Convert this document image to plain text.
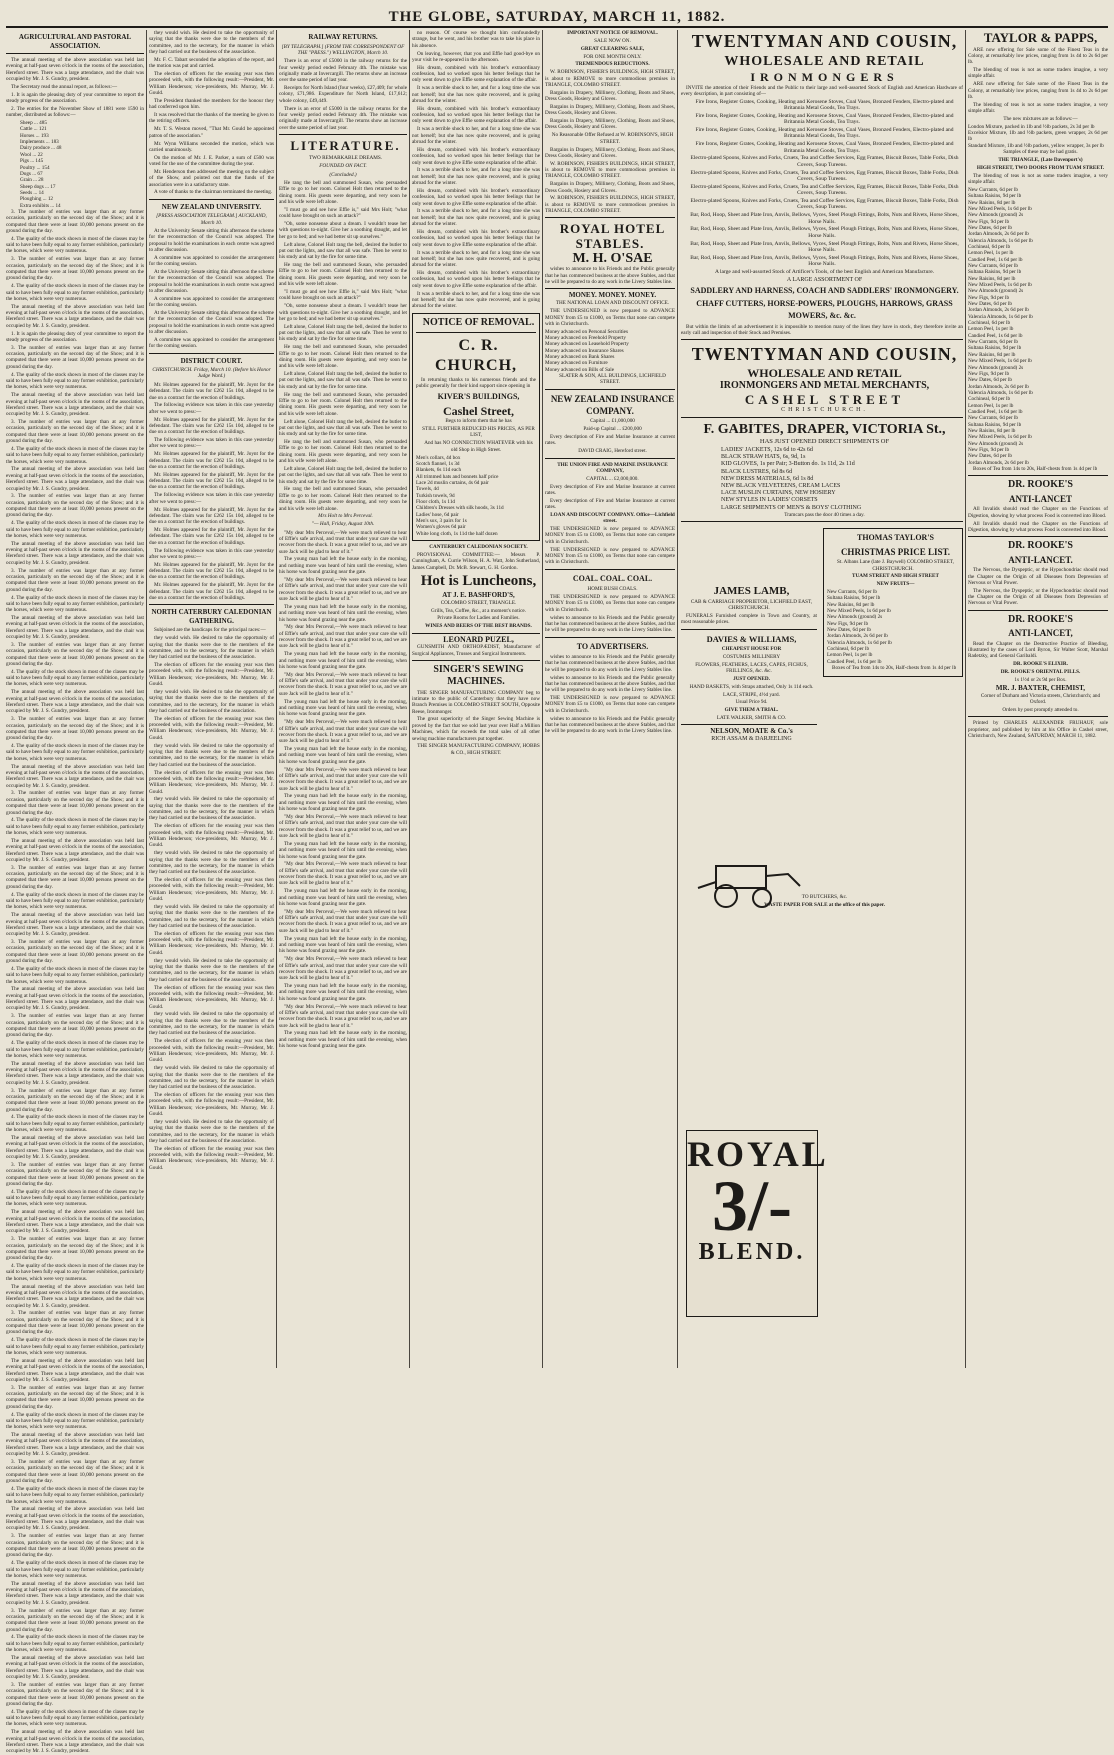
THE GLOBE, SATURDAY, MARCH 11, 1882.

AGRICULTURAL AND PASTORAL ASSOCIATION.

The annual meeting of the above association was held last evening at half-past seven o'clock in the rooms of the association, Hereford street. There was a large attendance, and the chair was occupied by Mr. J. S. Gundry, president.

The Secretary read the annual report, as follows:—

1. It is again the pleasing duty of your committee to report the steady progress of the association.

2. The entries for the November Show of 1881 were 1590 in number, distributed as follows:—

Sheep ... 485
Cattle ... 121
Horses ... 193
Implements ... 183
Dairy produce ... 48
Wool ... 22
Pigs ... 145
Poultry ... 154
Dogs ... 67
Grain ... 28
Sheep dogs ... 17
Seeds ... 14
Ploughing ... 12
Extra exhibits ... 14

3. The number of entries was larger than at any former occasion, particularly on the second day of the Show; and it is computed that there were at least 10,000 persons present on the ground during the day.

4. The quality of the stock shown in most of the classes may be said to have been fully equal to any former exhibition, particularly the horses, which were very numerous.

3. The number of entries was larger than at any former occasion, particularly on the second day of the Show; and it is computed that there were at least 10,000 persons present on the ground during the day.

4. The quality of the stock shown in most of the classes may be said to have been fully equal to any former exhibition, particularly the horses, which were very numerous.

The annual meeting of the above association was held last evening at half-past seven o'clock in the rooms of the association, Hereford street. There was a large attendance, and the chair was occupied by Mr. J. S. Gundry, president.

1. It is again the pleasing duty of your committee to report the steady progress of the association.

3. The number of entries was larger than at any former occasion, particularly on the second day of the Show; and it is computed that there were at least 10,000 persons present on the ground during the day.

4. The quality of the stock shown in most of the classes may be said to have been fully equal to any former exhibition, particularly the horses, which were very numerous.

The annual meeting of the above association was held last evening at half-past seven o'clock in the rooms of the association, Hereford street. There was a large attendance, and the chair was occupied by Mr. J. S. Gundry, president.

3. The number of entries was larger than at any former occasion, particularly on the second day of the Show; and it is computed that there were at least 10,000 persons present on the ground during the day.

4. The quality of the stock shown in most of the classes may be said to have been fully equal to any former exhibition, particularly the horses, which were very numerous.

The annual meeting of the above association was held last evening at half-past seven o'clock in the rooms of the association, Hereford street. There was a large attendance, and the chair was occupied by Mr. J. S. Gundry, president.

3. The number of entries was larger than at any former occasion, particularly on the second day of the Show; and it is computed that there were at least 10,000 persons present on the ground during the day.

4. The quality of the stock shown in most of the classes may be said to have been fully equal to any former exhibition, particularly the horses, which were very numerous.

The annual meeting of the above association was held last evening at half-past seven o'clock in the rooms of the association, Hereford street. There was a large attendance, and the chair was occupied by Mr. J. S. Gundry, president.

3. The number of entries was larger than at any former occasion, particularly on the second day of the Show; and it is computed that there were at least 10,000 persons present on the ground during the day.

4. The quality of the stock shown in most of the classes may be said to have been fully equal to any former exhibition, particularly the horses, which were very numerous.

The annual meeting of the above association was held last evening at half-past seven o'clock in the rooms of the association, Hereford street. There was a large attendance, and the chair was occupied by Mr. J. S. Gundry, president.

3. The number of entries was larger than at any former occasion, particularly on the second day of the Show; and it is computed that there were at least 10,000 persons present on the ground during the day.

4. The quality of the stock shown in most of the classes may be said to have been fully equal to any former exhibition, particularly the horses, which were very numerous.

The annual meeting of the above association was held last evening at half-past seven o'clock in the rooms of the association, Hereford street. There was a large attendance, and the chair was occupied by Mr. J. S. Gundry, president.

3. The number of entries was larger than at any former occasion, particularly on the second day of the Show; and it is computed that there were at least 10,000 persons present on the ground during the day.

4. The quality of the stock shown in most of the classes may be said to have been fully equal to any former exhibition, particularly the horses, which were very numerous.

The annual meeting of the above association was held last evening at half-past seven o'clock in the rooms of the association, Hereford street. There was a large attendance, and the chair was occupied by Mr. J. S. Gundry, president.

3. The number of entries was larger than at any former occasion, particularly on the second day of the Show; and it is computed that there were at least 10,000 persons present on the ground during the day.

4. The quality of the stock shown in most of the classes may be said to have been fully equal to any former exhibition, particularly the horses, which were very numerous.

The annual meeting of the above association was held last evening at half-past seven o'clock in the rooms of the association, Hereford street. There was a large attendance, and the chair was occupied by Mr. J. S. Gundry, president.

3. The number of entries was larger than at any former occasion, particularly on the second day of the Show; and it is computed that there were at least 10,000 persons present on the ground during the day.

4. The quality of the stock shown in most of the classes may be said to have been fully equal to any former exhibition, particularly the horses, which were very numerous.

The annual meeting of the above association was held last evening at half-past seven o'clock in the rooms of the association, Hereford street. There was a large attendance, and the chair was occupied by Mr. J. S. Gundry, president.

3. The number of entries was larger than at any former occasion, particularly on the second day of the Show; and it is computed that there were at least 10,000 persons present on the ground during the day.

4. The quality of the stock shown in most of the classes may be said to have been fully equal to any former exhibition, particularly the horses, which were very numerous.

The annual meeting of the above association was held last evening at half-past seven o'clock in the rooms of the association, Hereford street. There was a large attendance, and the chair was occupied by Mr. J. S. Gundry, president.

3. The number of entries was larger than at any former occasion, particularly on the second day of the Show; and it is computed that there were at least 10,000 persons present on the ground during the day.

4. The quality of the stock shown in most of the classes may be said to have been fully equal to any former exhibition, particularly the horses, which were very numerous.

The annual meeting of the above association was held last evening at half-past seven o'clock in the rooms of the association, Hereford street. There was a large attendance, and the chair was occupied by Mr. J. S. Gundry, president.

3. The number of entries was larger than at any former occasion, particularly on the second day of the Show; and it is computed that there were at least 10,000 persons present on the ground during the day.

4. The quality of the stock shown in most of the classes may be said to have been fully equal to any former exhibition, particularly the horses, which were very numerous.

The annual meeting of the above association was held last evening at half-past seven o'clock in the rooms of the association, Hereford street. There was a large attendance, and the chair was occupied by Mr. J. S. Gundry, president.

3. The number of entries was larger than at any former occasion, particularly on the second day of the Show; and it is computed that there were at least 10,000 persons present on the ground during the day.

4. The quality of the stock shown in most of the classes may be said to have been fully equal to any former exhibition, particularly the horses, which were very numerous.

The annual meeting of the above association was held last evening at half-past seven o'clock in the rooms of the association, Hereford street. There was a large attendance, and the chair was occupied by Mr. J. S. Gundry, president.

3. The number of entries was larger than at any former occasion, particularly on the second day of the Show; and it is computed that there were at least 10,000 persons present on the ground during the day.

4. The quality of the stock shown in most of the classes may be said to have been fully equal to any former exhibition, particularly the horses, which were very numerous.

The annual meeting of the above association was held last evening at half-past seven o'clock in the rooms of the association, Hereford street. There was a large attendance, and the chair was occupied by Mr. J. S. Gundry, president.

3. The number of entries was larger than at any former occasion, particularly on the second day of the Show; and it is computed that there were at least 10,000 persons present on the ground during the day.

4. The quality of the stock shown in most of the classes may be said to have been fully equal to any former exhibition, particularly the horses, which were very numerous.

The annual meeting of the above association was held last evening at half-past seven o'clock in the rooms of the association, Hereford street. There was a large attendance, and the chair was occupied by Mr. J. S. Gundry, president.

3. The number of entries was larger than at any former occasion, particularly on the second day of the Show; and it is computed that there were at least 10,000 persons present on the ground during the day.

4. The quality of the stock shown in most of the classes may be said to have been fully equal to any former exhibition, particularly the horses, which were very numerous.

The annual meeting of the above association was held last evening at half-past seven o'clock in the rooms of the association, Hereford street. There was a large attendance, and the chair was occupied by Mr. J. S. Gundry, president.

3. The number of entries was larger than at any former occasion, particularly on the second day of the Show; and it is computed that there were at least 10,000 persons present on the ground during the day.

4. The quality of the stock shown in most of the classes may be said to have been fully equal to any former exhibition, particularly the horses, which were very numerous.

The annual meeting of the above association was held last evening at half-past seven o'clock in the rooms of the association, Hereford street. There was a large attendance, and the chair was occupied by Mr. J. S. Gundry, president.

3. The number of entries was larger than at any former occasion, particularly on the second day of the Show; and it is computed that there were at least 10,000 persons present on the ground during the day.

4. The quality of the stock shown in most of the classes may be said to have been fully equal to any former exhibition, particularly the horses, which were very numerous.

The annual meeting of the above association was held last evening at half-past seven o'clock in the rooms of the association, Hereford street. There was a large attendance, and the chair was occupied by Mr. J. S. Gundry, president.

3. The number of entries was larger than at any former occasion, particularly on the second day of the Show; and it is computed that there were at least 10,000 persons present on the ground during the day.

4. The quality of the stock shown in most of the classes may be said to have been fully equal to any former exhibition, particularly the horses, which were very numerous.

The annual meeting of the above association was held last evening at half-past seven o'clock in the rooms of the association, Hereford street. There was a large attendance, and the chair was occupied by Mr. J. S. Gundry, president.

3. The number of entries was larger than at any former occasion, particularly on the second day of the Show; and it is computed that there were at least 10,000 persons present on the ground during the day.

4. The quality of the stock shown in most of the classes may be said to have been fully equal to any former exhibition, particularly the horses, which were very numerous.

The annual meeting of the above association was held last evening at half-past seven o'clock in the rooms of the association, Hereford street. There was a large attendance, and the chair was occupied by Mr. J. S. Gundry, president.

they would wish. He desired to take the opportunity of saying that the thanks were due to the members of the committee, and to the secretary, for the manner in which they had carried out the business of the association.

Mr. F. C. Tabart seconded the adoption of the report, and the motion was put and carried.

The election of officers for the ensuing year was then proceeded with, with the following result:—President, Mr. William Henderson; vice-presidents, Mr. Murray, Mr. J. Gould.

The President thanked the members for the honour they had conferred upon him.

It was resolved that the thanks of the meeting be given to the retiring officers.

Mr. T. S. Weston moved, "That Mr. Gould be appointed patron of the association."

Mr. Wynn Williams seconded the motion, which was carried unanimously.

On the motion of Mr. J. E. Parker, a sum of £500 was voted for the use of the committee during the year.

Mr. Henderson then addressed the meeting on the subject of the Show, and pointed out that the funds of the association were in a satisfactory state.

A vote of thanks to the chairman terminated the meeting.

NEW ZEALAND UNIVERSITY.

[PRESS ASSOCIATION TELEGRAM.] AUCKLAND, March 10.

At the University Senate sitting this afternoon the scheme for the reconstruction of the Council was adopted. The proposal to hold the examinations in each centre was agreed to after discussion.

A committee was appointed to consider the arrangement for the coming session.

At the University Senate sitting this afternoon the scheme for the reconstruction of the Council was adopted. The proposal to hold the examinations in each centre was agreed to after discussion.

A committee was appointed to consider the arrangement for the coming session.

At the University Senate sitting this afternoon the scheme for the reconstruction of the Council was adopted. The proposal to hold the examinations in each centre was agreed to after discussion.

A committee was appointed to consider the arrangement for the coming session.

DISTRICT COURT.

CHRISTCHURCH. Friday, March 10. (Before his Honor Judge Ward.)

Mr. Holmes appeared for the plaintiff, Mr. Joynt for the defendant. The claim was for £262 15s 10d, alleged to be due on a contract for the erection of buildings.

The following evidence was taken in this case yesterday after we went to press:—

Mr. Holmes appeared for the plaintiff, Mr. Joynt for the defendant. The claim was for £262 15s 10d, alleged to be due on a contract for the erection of buildings.

The following evidence was taken in this case yesterday after we went to press:—

Mr. Holmes appeared for the plaintiff, Mr. Joynt for the defendant. The claim was for £262 15s 10d, alleged to be due on a contract for the erection of buildings.

Mr. Holmes appeared for the plaintiff, Mr. Joynt for the defendant. The claim was for £262 15s 10d, alleged to be due on a contract for the erection of buildings.

The following evidence was taken in this case yesterday after we went to press:—

Mr. Holmes appeared for the plaintiff, Mr. Joynt for the defendant. The claim was for £262 15s 10d, alleged to be due on a contract for the erection of buildings.

Mr. Holmes appeared for the plaintiff, Mr. Joynt for the defendant. The claim was for £262 15s 10d, alleged to be due on a contract for the erection of buildings.

The following evidence was taken in this case yesterday after we went to press:—

Mr. Holmes appeared for the plaintiff, Mr. Joynt for the defendant. The claim was for £262 15s 10d, alleged to be due on a contract for the erection of buildings.

Mr. Holmes appeared for the plaintiff, Mr. Joynt for the defendant. The claim was for £262 15s 10d, alleged to be due on a contract for the erection of buildings.

NORTH CATERBURY CALEDONIAN GATHERING.

Subjoined are the handicaps for the principal races:—

they would wish. He desired to take the opportunity of saying that the thanks were due to the members of the committee, and to the secretary, for the manner in which they had carried out the business of the association.

The election of officers for the ensuing year was then proceeded with, with the following result:—President, Mr. William Henderson; vice-presidents, Mr. Murray, Mr. J. Gould.

they would wish. He desired to take the opportunity of saying that the thanks were due to the members of the committee, and to the secretary, for the manner in which they had carried out the business of the association.

The election of officers for the ensuing year was then proceeded with, with the following result:—President, Mr. William Henderson; vice-presidents, Mr. Murray, Mr. J. Gould.

they would wish. He desired to take the opportunity of saying that the thanks were due to the members of the committee, and to the secretary, for the manner in which they had carried out the business of the association.

The election of officers for the ensuing year was then proceeded with, with the following result:—President, Mr. William Henderson; vice-presidents, Mr. Murray, Mr. J. Gould.

they would wish. He desired to take the opportunity of saying that the thanks were due to the members of the committee, and to the secretary, for the manner in which they had carried out the business of the association.

The election of officers for the ensuing year was then proceeded with, with the following result:—President, Mr. William Henderson; vice-presidents, Mr. Murray, Mr. J. Gould.

they would wish. He desired to take the opportunity of saying that the thanks were due to the members of the committee, and to the secretary, for the manner in which they had carried out the business of the association.

The election of officers for the ensuing year was then proceeded with, with the following result:—President, Mr. William Henderson; vice-presidents, Mr. Murray, Mr. J. Gould.

they would wish. He desired to take the opportunity of saying that the thanks were due to the members of the committee, and to the secretary, for the manner in which they had carried out the business of the association.

The election of officers for the ensuing year was then proceeded with, with the following result:—President, Mr. William Henderson; vice-presidents, Mr. Murray, Mr. J. Gould.

they would wish. He desired to take the opportunity of saying that the thanks were due to the members of the committee, and to the secretary, for the manner in which they had carried out the business of the association.

The election of officers for the ensuing year was then proceeded with, with the following result:—President, Mr. William Henderson; vice-presidents, Mr. Murray, Mr. J. Gould.

they would wish. He desired to take the opportunity of saying that the thanks were due to the members of the committee, and to the secretary, for the manner in which they had carried out the business of the association.

The election of officers for the ensuing year was then proceeded with, with the following result:—President, Mr. William Henderson; vice-presidents, Mr. Murray, Mr. J. Gould.

they would wish. He desired to take the opportunity of saying that the thanks were due to the members of the committee, and to the secretary, for the manner in which they had carried out the business of the association.

The election of officers for the ensuing year was then proceeded with, with the following result:—President, Mr. William Henderson; vice-presidents, Mr. Murray, Mr. J. Gould.

they would wish. He desired to take the opportunity of saying that the thanks were due to the members of the committee, and to the secretary, for the manner in which they had carried out the business of the association.

The election of officers for the ensuing year was then proceeded with, with the following result:—President, Mr. William Henderson; vice-presidents, Mr. Murray, Mr. J. Gould.

RAILWAY RETURNS.

[BY TELEGRAPH.] (FROM THE CORRESPONDENT OF THE "PRESS.") WELLINGTON, March 10.

There is an error of £5000 in the railway returns for the four weekly period ended February 4th. The mistake was originally made at Invercargill. The returns show an increase over the same period of last year.

Receipts for North Island (four weeks), £27,409; for whole colony, £71,986. Expenditure for North Island, £17,612; whole colony, £49,449.

There is an error of £5000 in the railway returns for the four weekly period ended February 4th. The mistake was originally made at Invercargill. The returns show an increase over the same period of last year.

LITERATURE.

TWO REMARKABLE DREAMS.

FOUNDED ON FACT.

(Concluded.)

He rang the bell and summoned Susan, who persuaded Effie to go to her room. Colonel Holt then returned to the dining room. His guests were departing, and very soon he and his wife were left alone.

"I must go and see how Effie is," said Mrs Holt; "what could have brought on such an attack?"

"Oh, some nonsense about a dream. I wouldn't tease her with questions to-night. Give her a soothing draught, and let her go to bed; and we had better sit up ourselves."

Left alone, Colonel Holt rang the bell, desired the butler to put out the lights, and saw that all was safe. Then he went to his study and sat by the fire for some time.

He rang the bell and summoned Susan, who persuaded Effie to go to her room. Colonel Holt then returned to the dining room. His guests were departing, and very soon he and his wife were left alone.

"I must go and see how Effie is," said Mrs Holt; "what could have brought on such an attack?"

"Oh, some nonsense about a dream. I wouldn't tease her with questions to-night. Give her a soothing draught, and let her go to bed; and we had better sit up ourselves."

Left alone, Colonel Holt rang the bell, desired the butler to put out the lights, and saw that all was safe. Then he went to his study and sat by the fire for some time.

He rang the bell and summoned Susan, who persuaded Effie to go to her room. Colonel Holt then returned to the dining room. His guests were departing, and very soon he and his wife were left alone.

Left alone, Colonel Holt rang the bell, desired the butler to put out the lights, and saw that all was safe. Then he went to his study and sat by the fire for some time.

He rang the bell and summoned Susan, who persuaded Effie to go to her room. Colonel Holt then returned to the dining room. His guests were departing, and very soon he and his wife were left alone.

Left alone, Colonel Holt rang the bell, desired the butler to put out the lights, and saw that all was safe. Then he went to his study and sat by the fire for some time.

He rang the bell and summoned Susan, who persuaded Effie to go to her room. Colonel Holt then returned to the dining room. His guests were departing, and very soon he and his wife were left alone.

Left alone, Colonel Holt rang the bell, desired the butler to put out the lights, and saw that all was safe. Then he went to his study and sat by the fire for some time.

He rang the bell and summoned Susan, who persuaded Effie to go to her room. Colonel Holt then returned to the dining room. His guests were departing, and very soon he and his wife were left alone.

Mrs Holt to Mrs Perceval.

"— Hall, Friday, August 10th.

"My dear Mrs Perceval,—We were much relieved to hear of Effie's safe arrival, and trust that under your care she will recover from the shock. It was a great relief to us, and we are sure Jack will be glad to hear of it."

The young man had left the house early in the morning, and nothing more was heard of him until the evening, when his horse was found grazing near the gate.

"My dear Mrs Perceval,—We were much relieved to hear of Effie's safe arrival, and trust that under your care she will recover from the shock. It was a great relief to us, and we are sure Jack will be glad to hear of it."

The young man had left the house early in the morning, and nothing more was heard of him until the evening, when his horse was found grazing near the gate.

"My dear Mrs Perceval,—We were much relieved to hear of Effie's safe arrival, and trust that under your care she will recover from the shock. It was a great relief to us, and we are sure Jack will be glad to hear of it."

The young man had left the house early in the morning, and nothing more was heard of him until the evening, when his horse was found grazing near the gate.

"My dear Mrs Perceval,—We were much relieved to hear of Effie's safe arrival, and trust that under your care she will recover from the shock. It was a great relief to us, and we are sure Jack will be glad to hear of it."

The young man had left the house early in the morning, and nothing more was heard of him until the evening, when his horse was found grazing near the gate.

"My dear Mrs Perceval,—We were much relieved to hear of Effie's safe arrival, and trust that under your care she will recover from the shock. It was a great relief to us, and we are sure Jack will be glad to hear of it."

The young man had left the house early in the morning, and nothing more was heard of him until the evening, when his horse was found grazing near the gate.

"My dear Mrs Perceval,—We were much relieved to hear of Effie's safe arrival, and trust that under your care she will recover from the shock. It was a great relief to us, and we are sure Jack will be glad to hear of it."

The young man had left the house early in the morning, and nothing more was heard of him until the evening, when his horse was found grazing near the gate.

"My dear Mrs Perceval,—We were much relieved to hear of Effie's safe arrival, and trust that under your care she will recover from the shock. It was a great relief to us, and we are sure Jack will be glad to hear of it."

The young man had left the house early in the morning, and nothing more was heard of him until the evening, when his horse was found grazing near the gate.

"My dear Mrs Perceval,—We were much relieved to hear of Effie's safe arrival, and trust that under your care she will recover from the shock. It was a great relief to us, and we are sure Jack will be glad to hear of it."

The young man had left the house early in the morning, and nothing more was heard of him until the evening, when his horse was found grazing near the gate.

"My dear Mrs Perceval,—We were much relieved to hear of Effie's safe arrival, and trust that under your care she will recover from the shock. It was a great relief to us, and we are sure Jack will be glad to hear of it."

The young man had left the house early in the morning, and nothing more was heard of him until the evening, when his horse was found grazing near the gate.

"My dear Mrs Perceval,—We were much relieved to hear of Effie's safe arrival, and trust that under your care she will recover from the shock. It was a great relief to us, and we are sure Jack will be glad to hear of it."

The young man had left the house early in the morning, and nothing more was heard of him until the evening, when his horse was found grazing near the gate.

"My dear Mrs Perceval,—We were much relieved to hear of Effie's safe arrival, and trust that under your care she will recover from the shock. It was a great relief to us, and we are sure Jack will be glad to hear of it."

The young man had left the house early in the morning, and nothing more was heard of him until the evening, when his horse was found grazing near the gate.

no reason. Of course we thought him confoundedly strange, but he went, and his brother was to take his place in his absence.

On leaving, however, that you and Effie had good-bye on your visit he re-appeared in the afternoon.

His dream, combined with his brother's extraordinary confession, had so worked upon his better feelings that he only went down to give Effie some explanation of the affair.

It was a terrible shock to her, and for a long time she was not herself; but she has now quite recovered, and is going abroad for the winter.

His dream, combined with his brother's extraordinary confession, had so worked upon his better feelings that he only went down to give Effie some explanation of the affair.

It was a terrible shock to her, and for a long time she was not herself; but she has now quite recovered, and is going abroad for the winter.

His dream, combined with his brother's extraordinary confession, had so worked upon his better feelings that he only went down to give Effie some explanation of the affair.

It was a terrible shock to her, and for a long time she was not herself; but she has now quite recovered, and is going abroad for the winter.

His dream, combined with his brother's extraordinary confession, had so worked upon his better feelings that he only went down to give Effie some explanation of the affair.

It was a terrible shock to her, and for a long time she was not herself; but she has now quite recovered, and is going abroad for the winter.

His dream, combined with his brother's extraordinary confession, had so worked upon his better feelings that he only went down to give Effie some explanation of the affair.

It was a terrible shock to her, and for a long time she was not herself; but she has now quite recovered, and is going abroad for the winter.

His dream, combined with his brother's extraordinary confession, had so worked upon his better feelings that he only went down to give Effie some explanation of the affair.

It was a terrible shock to her, and for a long time she was not herself; but she has now quite recovered, and is going abroad for the winter.

NOTICE OF REMOVAL.

C. R. CHURCH,

In returning thanks to his numerous friends and the public generally for their kind support since opening in

KIVER'S BUILDINGS,

Cashel Street,

Begs to inform them that he has

STILL FURTHER REDUCED HIS PRICES, AS PER LIST,

And has NO CONNECTION WHATEVER with his old Shop in High Street.

Men's collars, 4d box
Scotch flannel, 1s 3d
Blankets, 6s 11d each
All trimmed hats and bonnets half price
Lace 2d muslin curtains, 4s 6d pair
Towels, 4d
Turkish towels, 9d
Floor cloth, 1s 11d
Children's Dresses with silk hoods, 3s 11d
Ladies' hose, 6d pair
Men's sox, 3 pairs for 1s
Women's gloves 6d pair
White long cloth, 1s 11d the half dozen

CANTERBURY CALEDONIAN SOCIETY.

PROVISIONAL COMMITTEE:— Messrs P. Cunningham, A. Currie Wilson, H. A. Watt, John Sutherland, James Campbell, Dr. McB. Stewart, G. H. Gordon.

Hot is Luncheons,

AT J. E. BASHFORD'S,

COLOMBO STREET, TRIANGLE.

Grills, Tea, Coffee, &c., at a moment's notice.

Private Rooms for Ladies and Families.

WINES AND BEERS OF THE BEST BRANDS.

LEONARD PUZEL,

GUNSMITH AND ORTHOPÆDIST, Manufacturer of Surgical Appliances, Trusses and Surgical Instruments.

SINGER'S SEWING MACHINES.

THE SINGER MANUFACTURING COMPANY beg to intimate to the public of Canterbury that they have now Branch Premises in COLOMBO STREET SOUTH, Opposite Reese, Ironmonger.

The great superiority of the Singer Sewing Machine is proved by the fact that we sold last year over Half a Million Machines, which far exceeds the total sales of all other sewing machine manufacturers put together.

THE SINGER MANUFACTURING COMPANY, HOBBS & CO., HIGH STREET.

IMPORTANT NOTICE OF REMOVAL.

SALE NOW ON.

GREAT CLEARING SALE,

FOR ONE MONTH ONLY.

TREMENDOUS REDUCTIONS.

W. ROBINSON, FISHER'S BUILDINGS, HIGH STREET, is about to REMOVE to more commodious premises in TRIANGLE, COLOMBO STREET.

Bargains in Drapery, Millinery, Clothing, Boots and Shoes, Dress Goods, Hosiery and Gloves.

Bargains in Drapery, Millinery, Clothing, Boots and Shoes, Dress Goods, Hosiery and Gloves.

Bargains in Drapery, Millinery, Clothing, Boots and Shoes, Dress Goods, Hosiery and Gloves.

No Reasonable Offer Refused at W. ROBINSON'S, HIGH STREET.

Bargains in Drapery, Millinery, Clothing, Boots and Shoes, Dress Goods, Hosiery and Gloves.

W. ROBINSON, FISHER'S BUILDINGS, HIGH STREET, is about to REMOVE to more commodious premises in TRIANGLE, COLOMBO STREET.

Bargains in Drapery, Millinery, Clothing, Boots and Shoes, Dress Goods, Hosiery and Gloves.

W. ROBINSON, FISHER'S BUILDINGS, HIGH STREET, is about to REMOVE to more commodious premises in TRIANGLE, COLOMBO STREET.

ROYAL HOTEL STABLES.

M. H. O'SAE

wishes to announce to his Friends and the Public generally that he has commenced business at the above Stables, and that he will be prepared to do any work in the Livery Stables line.

MONEY. MONEY. MONEY.

THE NATIONAL LOAN AND DISCOUNT OFFICE.

THE UNDERSIGNED is now prepared to ADVANCE MONEY from £5 to £1000, on Terms that none can compete with in Christchurch.

Money advanced on Personal Securities
Money advanced on Freehold Property
Money advanced on Leasehold Property
Money advanced on Insurance Shares
Money advanced on Bank Shares
Money advanced on Furniture
Money advanced on Bills of Sale

SLATER & SON, ALL BUILDINGS, LICHFIELD STREET.

NEW ZEALAND INSURANCE COMPANY.

Capital ... £1,000,000

Paid-up Capital ... £200,000

Every description of Fire and Marine Insurance at current rates.

DAVID CRAIG, Hereford street.

THE UNION FIRE AND MARINE INSURANCE COMPANY,

CAPITAL ... £2,000,000.

Every description of Fire and Marine Insurance at current rates.

Every description of Fire and Marine Insurance at current rates.

LOAN AND DISCOUNT COMPANY. Office—Lichfield street.

THE UNDERSIGNED is now prepared to ADVANCE MONEY from £5 to £1000, on Terms that none can compete with in Christchurch.

THE UNDERSIGNED is now prepared to ADVANCE MONEY from £5 to £1000, on Terms that none can compete with in Christchurch.

COAL. COAL. COAL.

HOME BUSH COALS.

THE UNDERSIGNED is now prepared to ADVANCE MONEY from £5 to £1000, on Terms that none can compete with in Christchurch.

wishes to announce to his Friends and the Public generally that he has commenced business at the above Stables, and that he will be prepared to do any work in the Livery Stables line.

TO ADVERTISERS.

wishes to announce to his Friends and the Public generally that he has commenced business at the above Stables, and that he will be prepared to do any work in the Livery Stables line.

wishes to announce to his Friends and the Public generally that he has commenced business at the above Stables, and that he will be prepared to do any work in the Livery Stables line.

THE UNDERSIGNED is now prepared to ADVANCE MONEY from £5 to £1000, on Terms that none can compete with in Christchurch.

wishes to announce to his Friends and the Public generally that he has commenced business at the above Stables, and that he will be prepared to do any work in the Livery Stables line.

TWENTYMAN AND COUSIN,

WHOLESALE AND RETAIL

IRONMONGERS

INVITE the attention of their Friends and the Public to their large and well-assorted Stock of English and American Hardware of every description, in part consisting of—

Fire Irons, Register Grates, Cooking, Heating and Kerosene Stoves, Coal Vases, Bronzed Fenders, Electro-plated and Britannia Metal Goods, Tea Trays.

Fire Irons, Register Grates, Cooking, Heating and Kerosene Stoves, Coal Vases, Bronzed Fenders, Electro-plated and Britannia Metal Goods, Tea Trays.

Fire Irons, Register Grates, Cooking, Heating and Kerosene Stoves, Coal Vases, Bronzed Fenders, Electro-plated and Britannia Metal Goods, Tea Trays.

Fire Irons, Register Grates, Cooking, Heating and Kerosene Stoves, Coal Vases, Bronzed Fenders, Electro-plated and Britannia Metal Goods, Tea Trays.

Electro-plated Spoons, Knives and Forks, Cruets, Tea and Coffee Services, Egg Frames, Biscuit Boxes, Table Forks, Dish Covers, Soup Tureens.

Electro-plated Spoons, Knives and Forks, Cruets, Tea and Coffee Services, Egg Frames, Biscuit Boxes, Table Forks, Dish Covers, Soup Tureens.

Electro-plated Spoons, Knives and Forks, Cruets, Tea and Coffee Services, Egg Frames, Biscuit Boxes, Table Forks, Dish Covers, Soup Tureens.

Electro-plated Spoons, Knives and Forks, Cruets, Tea and Coffee Services, Egg Frames, Biscuit Boxes, Table Forks, Dish Covers, Soup Tureens.

Bar, Rod, Hoop, Sheet and Plate Iron, Anvils, Bellows, Vyces, Steel Plough Fittings, Bolts, Nuts and Rivets, Horse Shoes, Horse Nails.

Bar, Rod, Hoop, Sheet and Plate Iron, Anvils, Bellows, Vyces, Steel Plough Fittings, Bolts, Nuts and Rivets, Horse Shoes, Horse Nails.

Bar, Rod, Hoop, Sheet and Plate Iron, Anvils, Bellows, Vyces, Steel Plough Fittings, Bolts, Nuts and Rivets, Horse Shoes, Horse Nails.

Bar, Rod, Hoop, Sheet and Plate Iron, Anvils, Bellows, Vyces, Steel Plough Fittings, Bolts, Nuts and Rivets, Horse Shoes, Horse Nails.

A large and well-assorted Stock of Artificer's Tools, of the best English and American Manufacture.

A LARGE ASSORTMENT OF

SADDLERY AND HARNESS, COACH AND SADDLERS' IRONMONGERY.

CHAFF CUTTERS, HORSE-POWERS, PLOUGHS, HARROWS, GRASS MOWERS, &c. &c.

But within the limits of an advertisement it is impossible to mention many of the lines they have in stock, they therefore invite an early call and inspection of their Stock and Premises.

TWENTYMAN AND COUSIN,

WHOLESALE AND RETAIL

IRONMONGERS AND METAL MERCHANTS,

CASHEL STREET

CHRISTCHURCH.

F. GABITES, DRAPER, VICTORIA St.,

HAS JUST OPENED DIRECT SHIPMENTS OF

LADIES' JACKETS, 12s 6d to 42s 6d
BLACK STRAW HATS, 6s, 9d, 1s
KID GLOVES, 1s per Pair; 3-Button do. 1s 11d, 2s 11d
BLACK LUSTRES, 6d 8s 6d
NEW DRESS MATERIALS, 6d 1s 8d
NEW BLACK VELVETEENS, CREAM LACES
LACE MUSLIN CURTAINS, NEW HOSIERY
NEW STYLES IN LADIES' CORSETS
LARGE SHIPMENTS OF MEN'S & BOYS' CLOTHING

Tramcars pass the door 40 times a day.

JAMES LAMB,

CAB & CARRIAGE PROPRIETOR, LICHFIELD EAST, CHRISTCHURCH.

FUNERALS Furnished complete in Town and Country, at most reasonable prices.

DAVIES & WILLIAMS,

CHEAPEST HOUSE FOR

COSTUMES MILLINERY

FLOWERS, FEATHERS, LACES, CAPES, FICHUS, FRILLINGS, &c. &c.

JUST OPENED.

HAND BASKETS, with Straps attached, Only 1s 11d each.

LACE, STRIPE, 4½d yard.

Usual Price 9d.

GIVE THEM A TRIAL.

LATE WALKER, SMITH & CO.

NELSON, MOATE & Co.'s

RICH ASSAM & DARJEELING

THOMAS TAYLOR'S

CHRISTMAS PRICE LIST.

St. Albans Lane (late J. Baywell) COLOMBO STREET, CHRISTCHURCH.

TUAM STREET AND HIGH STREET

NEW FRUITS—

New Currants, 6d per lb
Sultana Raisins, 9d per lb
New Raisins, 8d per lb
New Mixed Peels, 1s 6d per lb
New Almonds (ground) 2s
New Figs, 9d per lb
New Dates, 6d per lb
Jordan Almonds, 2s 6d per lb
Valencia Almonds, 1s 6d per lb
Cochineal, 6d per lb
Lemon Peel, 1s per lb
Candied Peel, 1s 6d per lb

Boxes of Tea from 14s to 20s, Half-chests from 1s 4d per lb

TO BUTCHERS, &c.

WASTE PAPER FOR SALE at the office of this paper.

ROYAL
3/-
BLEND.

TAYLOR & PAPPS,

ARE now offering for Sale some of the Finest Teas in the Colony, at remarkably low prices, ranging from 1s 4d to 2s 6d per lb.

The blending of teas is not as some traders imagine, a very simple affair.

ARE now offering for Sale some of the Finest Teas in the Colony, at remarkably low prices, ranging from 1s 4d to 2s 6d per lb.

The blending of teas is not as some traders imagine, a very simple affair.

The new mixtures are as follows:—

London Mixture, packed in 1lb and ½lb packets, 2s 3d per lb
Excelsior Mixture, 1lb and ½lb packets, green wrapper, 2s 6d per lb
Standard Mixture, 1lb and ½lb packets, yellow wrapper, 3s per lb

Samples of these may be had gratis.

THE TRIANGLE, (Late Davenport's)

HIGH STREET, TWO DOORS FROM TUAM STREET.

The blending of teas is not as some traders imagine, a very simple affair.

New Currants, 6d per lb
Sultana Raisins, 9d per lb
New Raisins, 8d per lb
New Mixed Peels, 1s 6d per lb
New Almonds (ground) 2s
New Figs, 9d per lb
New Dates, 6d per lb
Jordan Almonds, 2s 6d per lb
Valencia Almonds, 1s 6d per lb
Cochineal, 6d per lb
Lemon Peel, 1s per lb
Candied Peel, 1s 6d per lb
New Currants, 6d per lb
Sultana Raisins, 9d per lb
New Raisins, 8d per lb
New Mixed Peels, 1s 6d per lb
New Almonds (ground) 2s
New Figs, 9d per lb
New Dates, 6d per lb
Jordan Almonds, 2s 6d per lb
Valencia Almonds, 1s 6d per lb
Cochineal, 6d per lb
Lemon Peel, 1s per lb
Candied Peel, 1s 6d per lb
New Currants, 6d per lb
Sultana Raisins, 9d per lb
New Raisins, 8d per lb
New Mixed Peels, 1s 6d per lb
New Almonds (ground) 2s
New Figs, 9d per lb
New Dates, 6d per lb
Jordan Almonds, 2s 6d per lb
Valencia Almonds, 1s 6d per lb
Cochineal, 6d per lb
Lemon Peel, 1s per lb
Candied Peel, 1s 6d per lb
New Currants, 6d per lb
Sultana Raisins, 9d per lb
New Raisins, 8d per lb
New Mixed Peels, 1s 6d per lb
New Almonds (ground) 2s
New Figs, 9d per lb
New Dates, 6d per lb
Jordan Almonds, 2s 6d per lb

Boxes of Tea from 14s to 20s, Half-chests from 1s 4d per lb

DR. ROOKE'S

ANTI-LANCET

All Invalids should read the Chapter on the Functions of Digestion, showing by what process Food is converted into Blood.

All Invalids should read the Chapter on the Functions of Digestion, showing by what process Food is converted into Blood.

DR. ROOKE'S

ANTI-LANCET.

The Nervous, the Dyspeptic, or the Hypochondriac should read the Chapter on the Origin of all Diseases from Depression of Nervous or Vital Power.

The Nervous, the Dyspeptic, or the Hypochondriac should read the Chapter on the Origin of all Diseases from Depression of Nervous or Vital Power.

DR. ROOKE'S

ANTI-LANCET,

Read the Chapter on the Destructive Practice of Bleeding, illustrated by the cases of Lord Byron, Sir Walter Scott, Marshal Radetzky, and General Garibaldi.

DR. ROOKE'S ELIXIR.

DR. ROOKE'S ORIENTAL PILLS.

1s 1½d or 2s 9d per Box.

MR. J. BAXTER, CHEMIST,

Corner of Durham and Victoria streets, Christchurch; and Oxford.

Orders by post promptly attended to.

Printed by CHARLES ALEXANDER FRUHAUF, sole proprietor, and published by him at his Office in Cashel street, Christchurch, New Zealand, SATURDAY, MARCH 11, 1882.
